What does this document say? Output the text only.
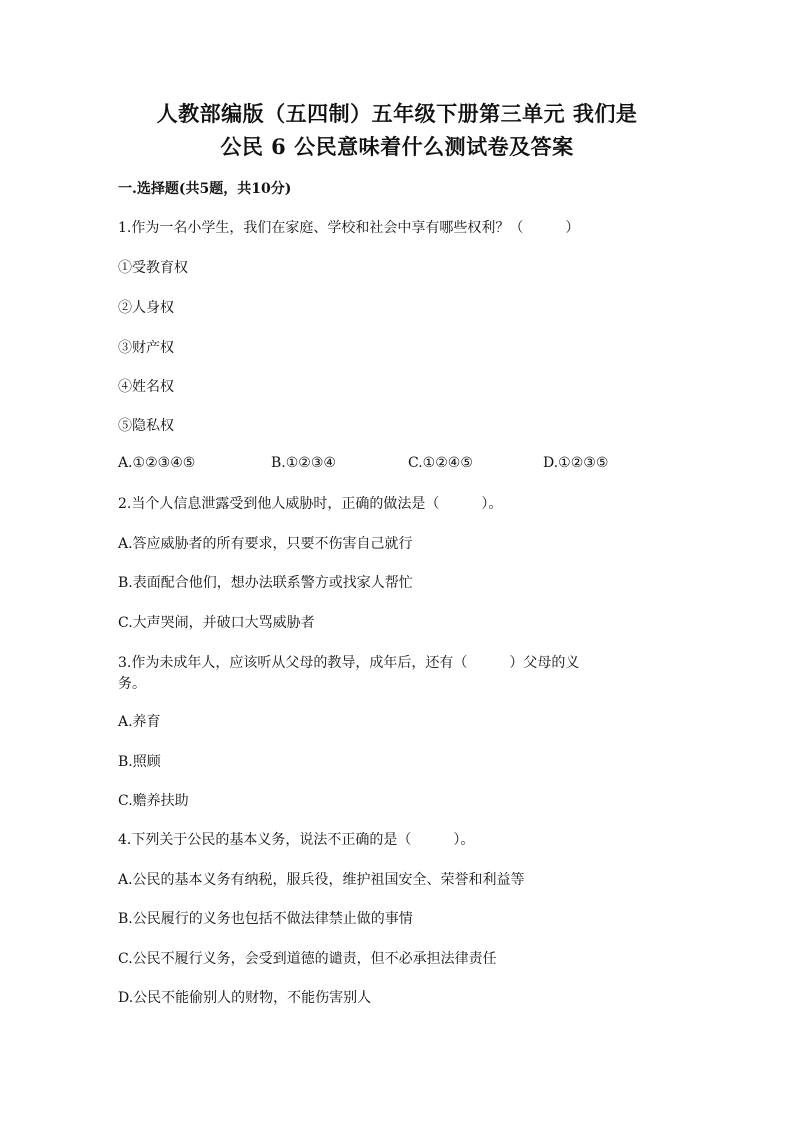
人教部编版（五四制）五年级下册第三单元 我们是
公民 6 公民意味着什么测试卷及答案
一.选择题(共5题，共10分)
1.作为一名小学生，我们在家庭、学校和社会中享有哪些权利？（　　　）
①受教育权
②人身权
③财产权
④姓名权
⑤隐私权
A.①②③④⑤	B.①②③④	C.①②④⑤	D.①②③⑤
2.当个人信息泄露受到他人威胁时，正确的做法是（　　　）。
A.答应威胁者的所有要求，只要不伤害自己就行
B.表面配合他们，想办法联系警方或找家人帮忙
C.大声哭闹，并破口大骂威胁者
3.作为未成年人，应该听从父母的教导，成年后，还有（　　　）父母的义
务。
A.养育
B.照顾
C.赡养扶助
4.下列关于公民的基本义务，说法不正确的是（　　　）。
A.公民的基本义务有纳税，服兵役，维护祖国安全、荣誉和利益等
B.公民履行的义务也包括不做法律禁止做的事情
C.公民不履行义务，会受到道德的谴责，但不必承担法律责任
D.公民不能偷别人的财物，不能伤害别人
